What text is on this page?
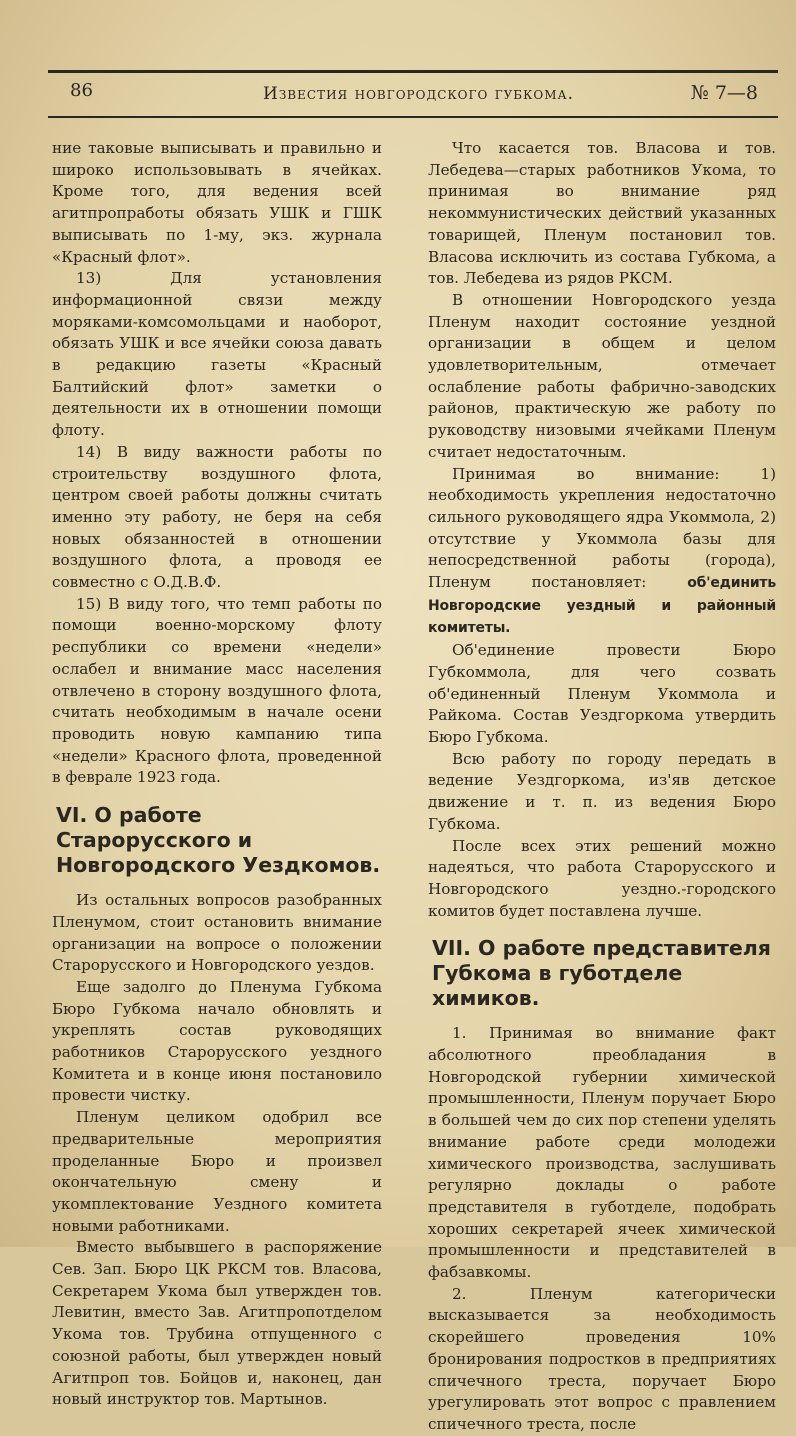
86	Известия новгородского губкома.	№ 7—8

ние таковые выписывать и правильно и широко использовывать в ячейках. Кроме того, для ведения всей агитпропработы обязать УШК и ГШК выписывать по 1-му, экз. журнала «Красный флот».

13) Для установления информационной связи между моряками-комсомольцами и наоборот, обязать УШК и все ячейки союза давать в редакцию газеты «Красный Балтийский флот» заметки о деятельности их в отношении помощи флоту.

14) В виду важности работы по строительству воздушного флота, центром своей работы должны считать именно эту работу, не беря на себя новых обязанностей в отношении воздушного флота, а проводя ее совместно с О.Д.В.Ф.

15) В виду того, что темп работы по помощи военно-морскому флоту республики со времени «недели» ослабел и внимание масс населения отвлечено в сторону воздушного флота, считать необходимым в начале осени проводить новую кампанию типа «недели» Красного флота, проведенной в феврале 1923 года.

VI. О работе Старорусского и Новгородского Уездкомов.

Из остальных вопросов разобранных Пленумом, стоит остановить внимание организации на вопросе о положении Старорусского и Новгородского уездов.

Еще задолго до Пленума Губкома Бюро Губкома начало обновлять и укреплять состав руководящих работников Старорусского уездного Комитета и в конце июня постановило провести чистку.

Пленум целиком одобрил все предварительные мероприятия проделанные Бюро и произвел окончательную смену и укомплектование Уездного комитета новыми работниками.

Вместо выбывшего в распоряжение Сев. Зап. Бюро ЦК РКСМ тов. Власова, Секретарем Укома был утвержден тов. Левитин, вместо Зав. Агитпропотделом Укома тов. Трубина отпущенного с союзной работы, был утвержден новый Агитпроп тов. Бойцов и, наконец, дан новый инструктор тов. Мартынов.

Что касается тов. Власова и тов. Лебедева—старых работников Укома, то принимая во внимание ряд некоммунистических действий указанных товарищей, Пленум постановил тов. Власова исключить из состава Губкома, а тов. Лебедева из рядов РКСМ.

В отношении Новгородского уезда Пленум находит состояние уездной организации в общем и целом удовлетворительным, отмечает ослабление работы фабрично-заводских районов, практическую же работу по руководству низовыми ячейками Пленум считает недостаточным.

Принимая во внимание: 1) необходимость укрепления недостаточно сильного руководящего ядра Укоммола, 2) отсутствие у Укоммола базы для непосредственной работы (города), Пленум постановляет:	об'единить Новгородские уездный и районный комитеты.

Об'единение провести Бюро Губкоммола, для чего созвать об'единенный Пленум Укоммола и Райкома. Состав Уездгоркома утвердить Бюро Губкома.

Всю работу по городу передать в ведение Уездгоркома, из'яв детское движение и т. п. из ведения Бюро Губкома.

После всех этих решений можно надеяться, что работа Старорусского и Новгородского уездно.-городского комитов будет поставлена лучше.

VII. О работе представителя Губкома в губотделе химиков.

1. Принимая во внимание факт абсолютного преобладания в Новгородской губернии химической промышленности, Пленум поручает Бюро в большей чем до сих пор степени уделять внимание работе среди молодежи химического производства, заслушивать регулярно доклады о работе представителя в губотделе, подобрать хороших секретарей ячеек химической промышленности и представителей в фабзавкомы.

2. Пленум категорически высказывается за необходимость скорейшего проведения 10% бронирования подростков в предприятиях спичечного треста, поручает Бюро урегулировать этот вопрос с правлением спичечного треста, после
